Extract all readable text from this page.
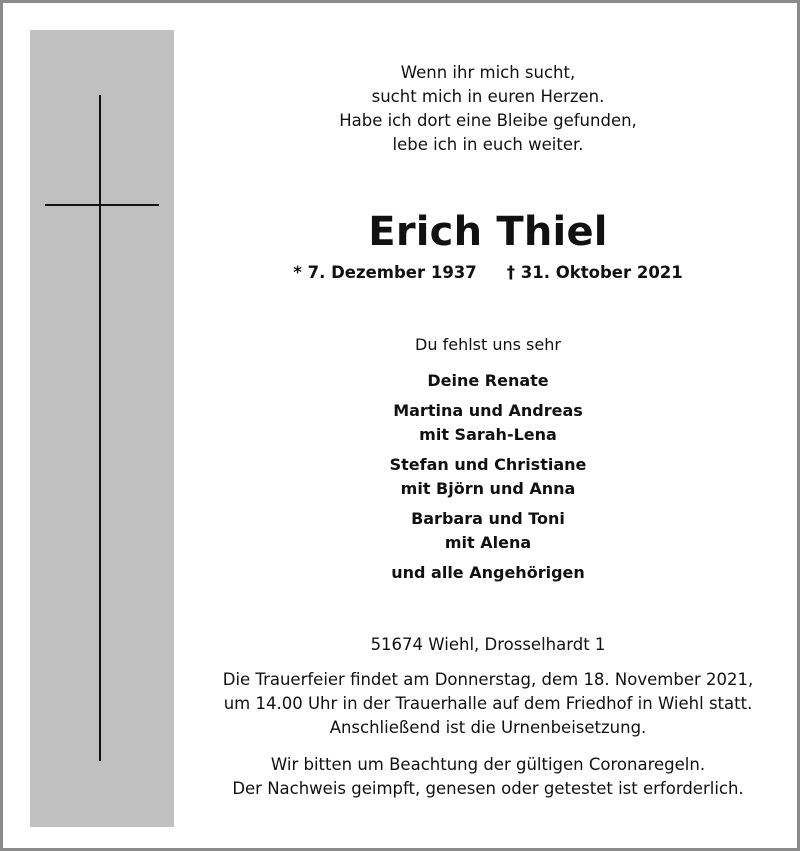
Wenn ihr mich sucht,
sucht mich in euren Herzen.
Habe ich dort eine Bleibe gefunden,
lebe ich in euch weiter.
Erich Thiel
* 7. Dezember 1937 † 31. Oktober 2021
Du fehlst uns sehr
Deine Renate
Martina und Andreas
mit Sarah-Lena
Stefan und Christiane
mit Björn und Anna
Barbara und Toni
mit Alena
und alle Angehörigen
51674 Wiehl, Drosselhardt 1
Die Trauerfeier findet am Donnerstag, dem 18. November 2021,
um 14.00 Uhr in der Trauerhalle auf dem Friedhof in Wiehl statt.
Anschließend ist die Urnenbeisetzung.
Wir bitten um Beachtung der gültigen Coronaregeln.
Der Nachweis geimpft, genesen oder getestet ist erforderlich.
